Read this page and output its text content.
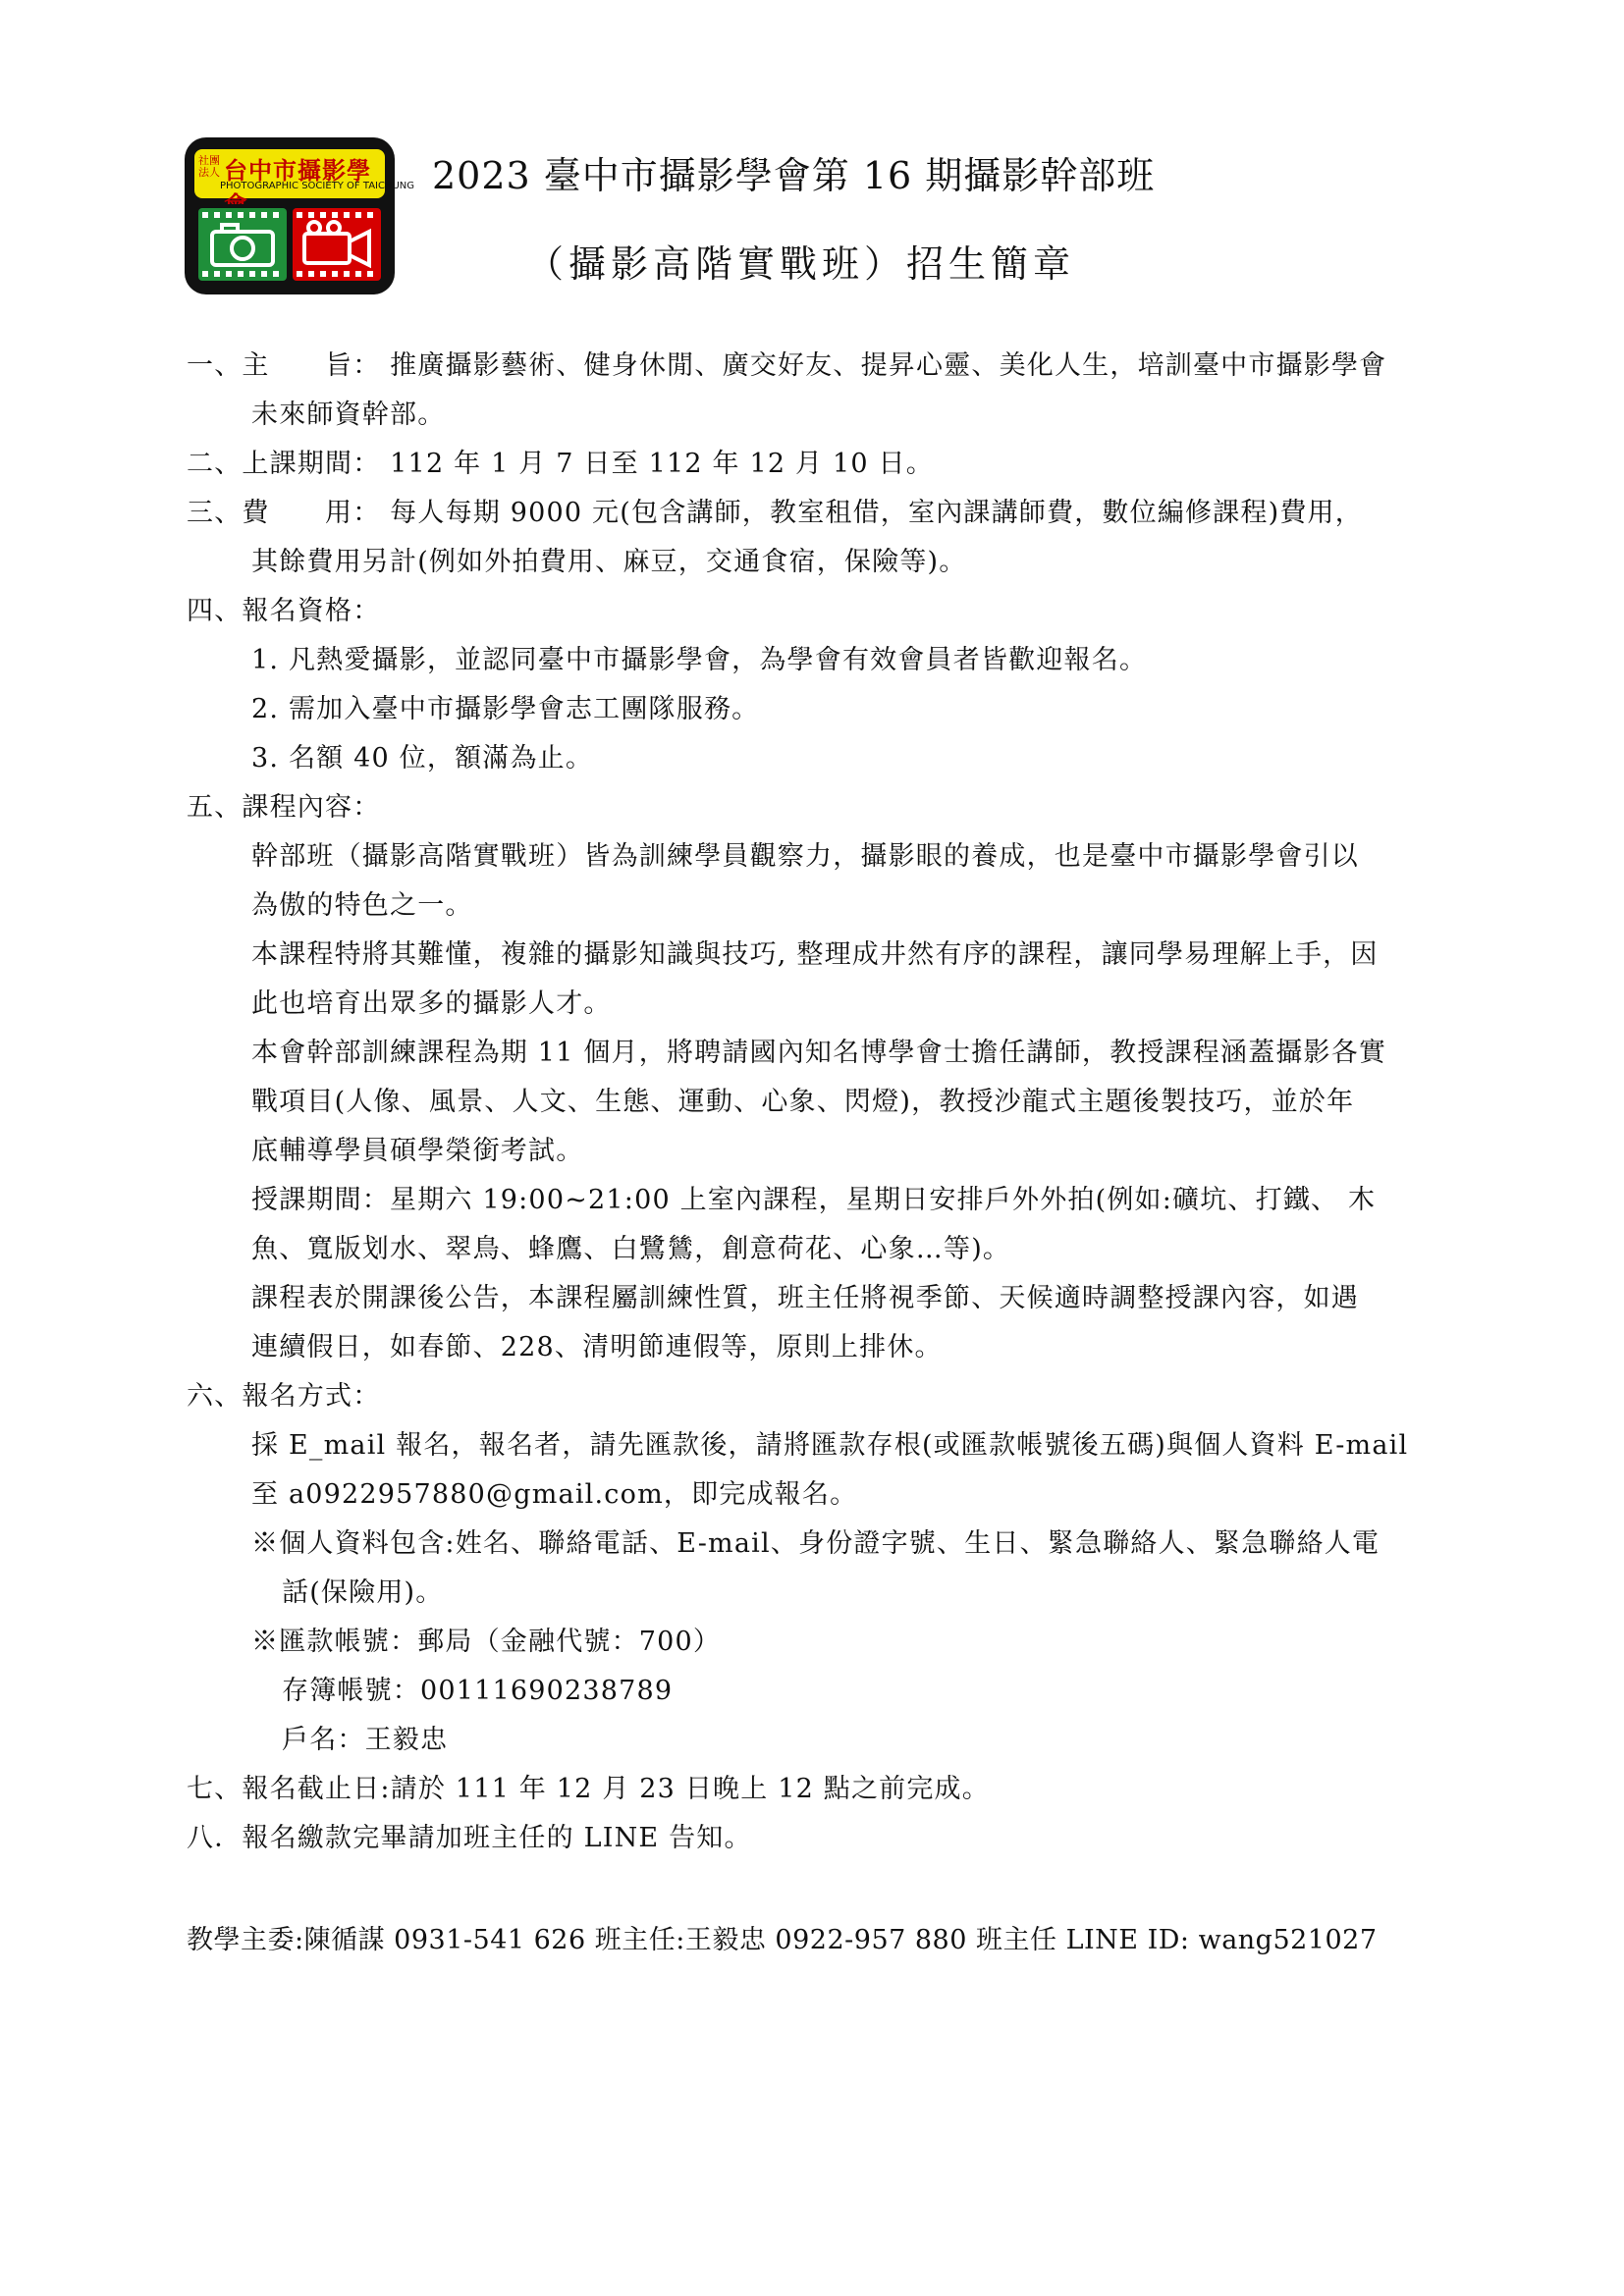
社團法人 台中市攝影學
PHOTOGRAPHIC SOCIETY OF TAICHUNG 2023 臺中市攝影學會第 16 期攝影幹部班
（攝影高階實戰班）招生簡章
一、主　　旨： 推廣攝影藝術、健身休閒、廣交好友、提昇心靈、美化人生，培訓臺中市攝影學會
未來師資幹部。
二、上課期間： 112 年 1 月 7 日至 112 年 12 月 10 日。
三、費　　用： 每人每期 9000 元(包含講師，教室租借，室內課講師費，數位編修課程)費用，
其餘費用另計(例如外拍費用、麻豆，交通食宿，保險等)。
四、報名資格：
1. 凡熱愛攝影，並認同臺中市攝影學會，為學會有效會員者皆歡迎報名。
2. 需加入臺中市攝影學會志工團隊服務。
3. 名額 40 位，額滿為止。
五、課程內容：
幹部班（攝影高階實戰班）皆為訓練學員觀察力，攝影眼的養成，也是臺中市攝影學會引以
為傲的特色之一。
本課程特將其難懂，複雜的攝影知識與技巧, 整理成井然有序的課程，讓同學易理解上手，因
此也培育出眾多的攝影人才。
本會幹部訓練課程為期 11 個月，將聘請國內知名博學會士擔任講師，教授課程涵蓋攝影各實
戰項目(人像、風景、人文、生態、運動、心象、閃燈)，教授沙龍式主題後製技巧，並於年
底輔導學員碩學榮銜考試。
授課期間：星期六 19:00~21:00 上室內課程，星期日安排戶外外拍(例如:礦坑、打鐵、 木
魚、寬版划水、翠鳥、蜂鷹、白鷺鷥，創意荷花、心象…等)。
課程表於開課後公告，本課程屬訓練性質，班主任將視季節、天候適時調整授課內容，如遇
連續假日，如春節、228、清明節連假等，原則上排休。
六、報名方式：
採 E_mail 報名，報名者，請先匯款後，請將匯款存根(或匯款帳號後五碼)與個人資料 E-mail
至 a0922957880@gmail.com，即完成報名。
※個人資料包含:姓名、聯絡電話、E-mail、身份證字號、生日、緊急聯絡人、緊急聯絡人電
話(保險用)。
※匯款帳號：郵局（金融代號：700）
存簿帳號：00111690238789
戶名：王毅忠
七、報名截止日:請於 111 年 12 月 23 日晚上 12 點之前完成。
八．報名繳款完畢請加班主任的 LINE 告知。
教學主委:陳循謀 0931-541 626 班主任:王毅忠 0922-957 880 班主任 LINE ID: wang521027
